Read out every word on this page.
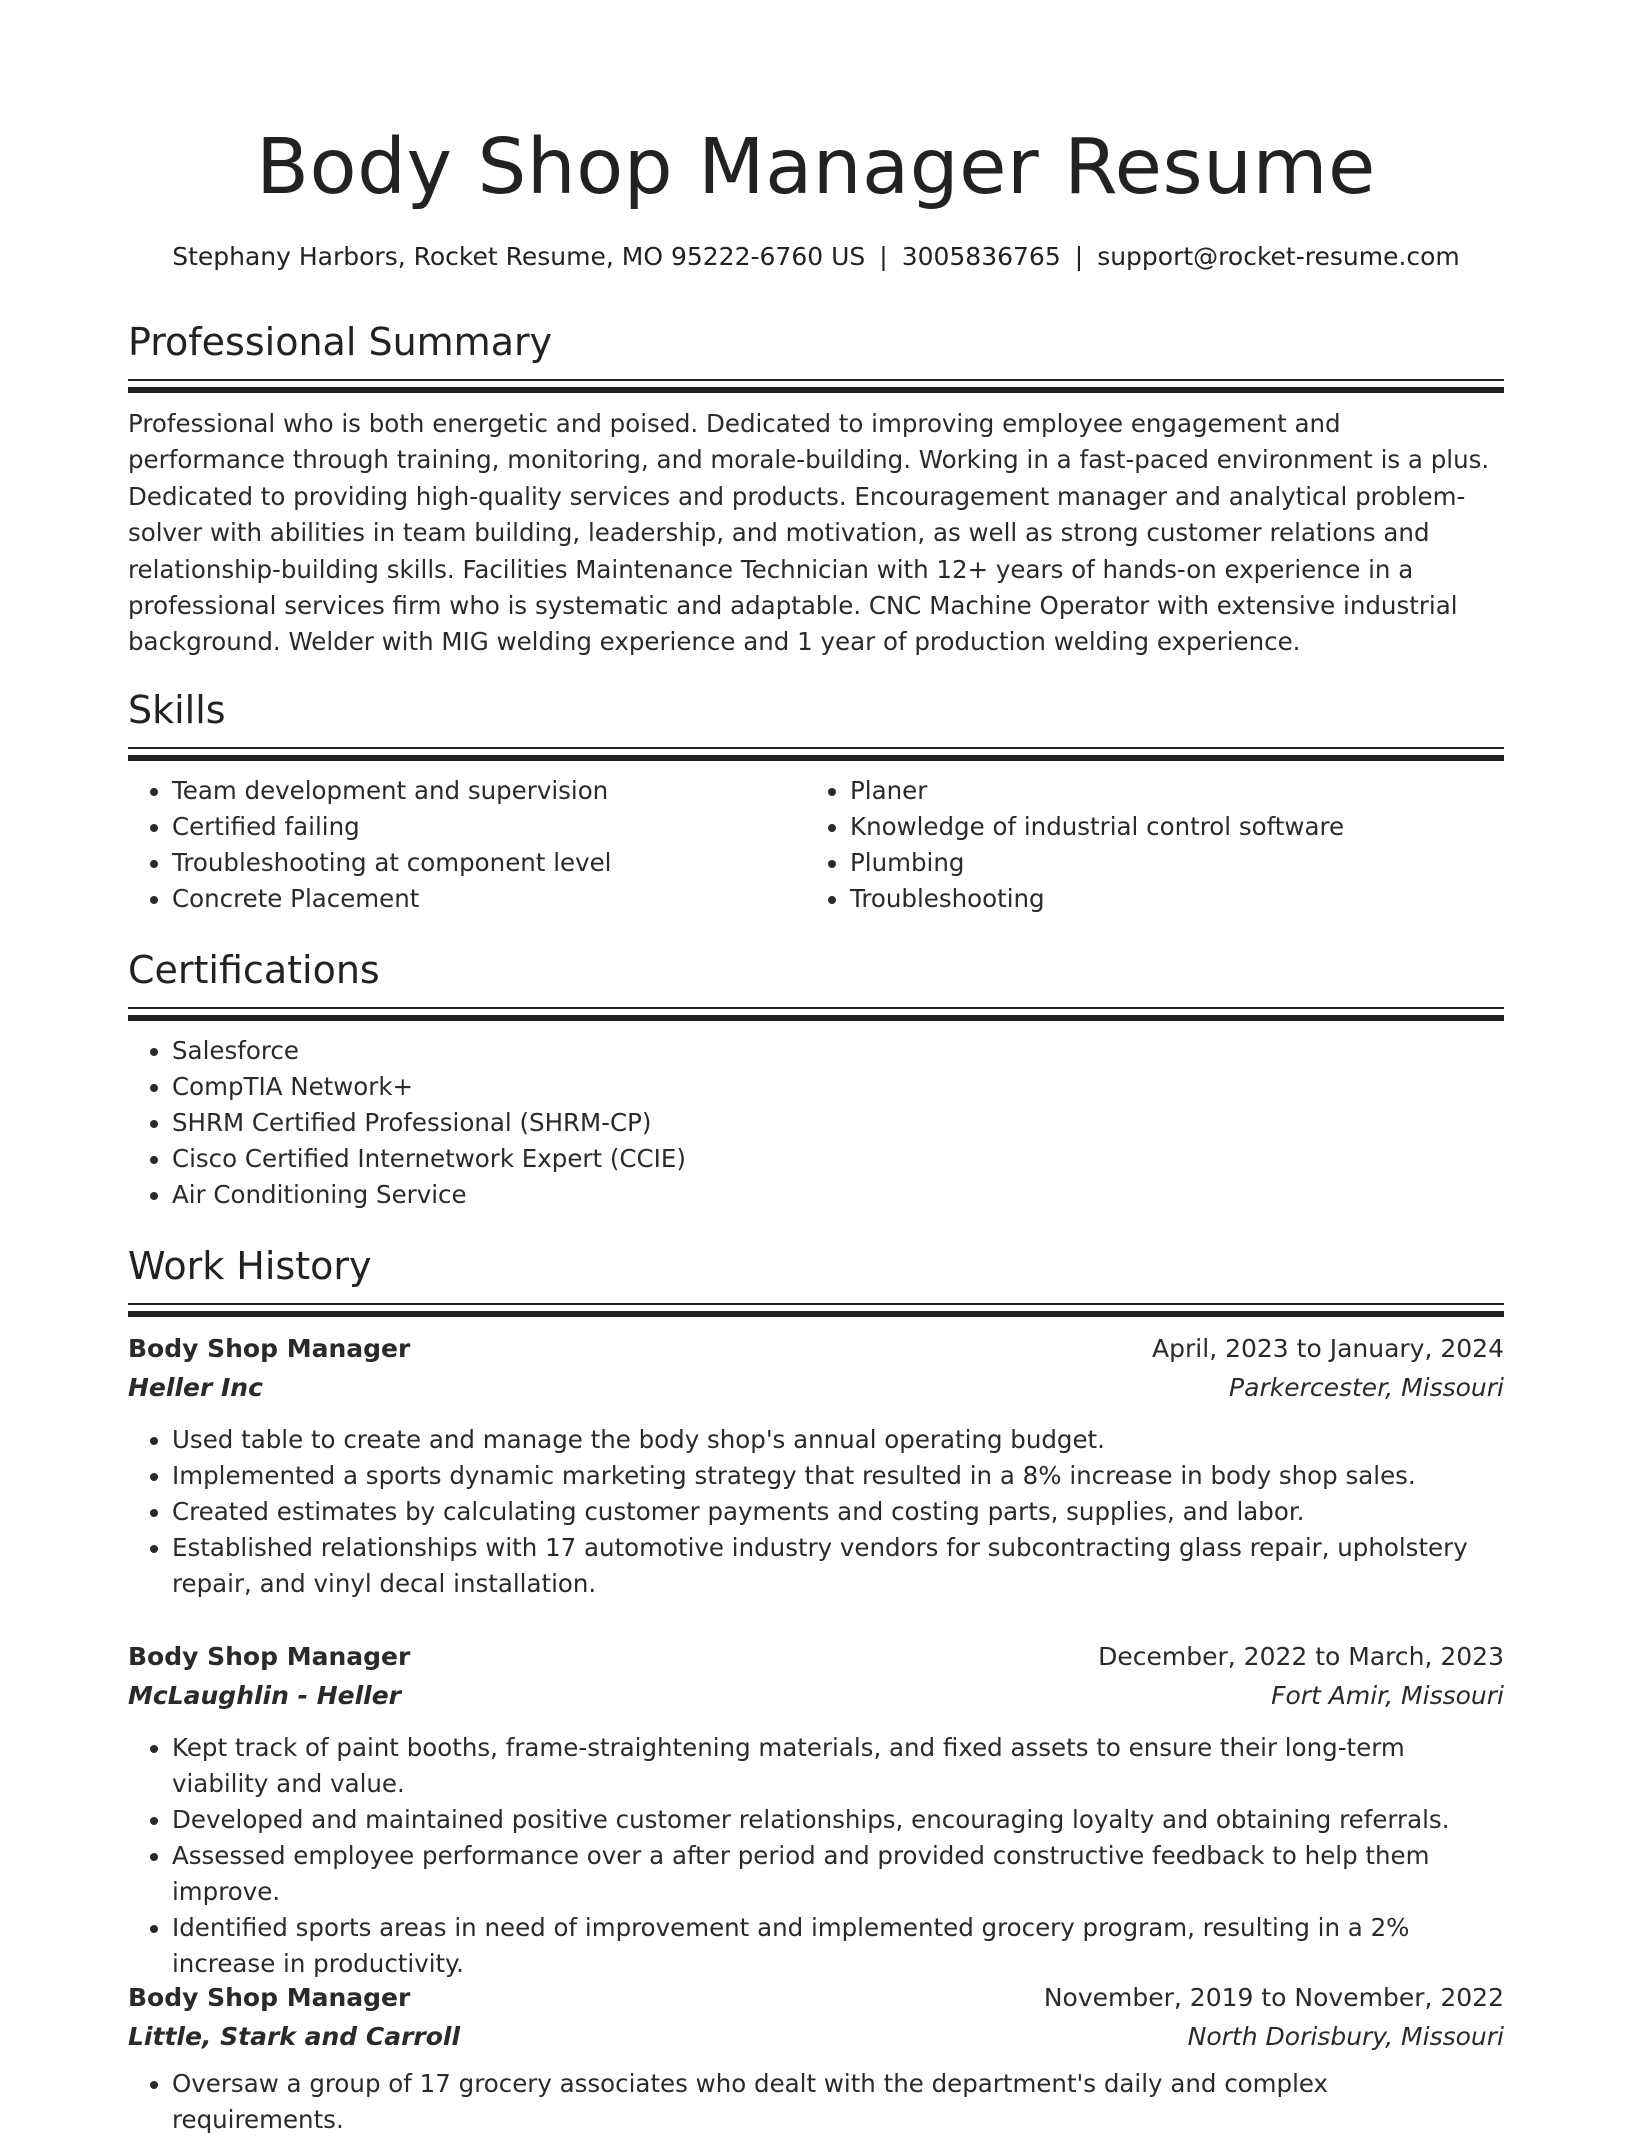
Body Shop Manager Resume
Stephany Harbors, Rocket Resume, MO 95222-6760 US | 3005836765 | support@rocket-resume.com
Professional Summary
Professional who is both energetic and poised. Dedicated to improving employee engagement and performance through training, monitoring, and morale-building. Working in a fast-paced environment is a plus. Dedicated to providing high-quality services and products. Encouragement manager and analytical problem-solver with abilities in team building, leadership, and motivation, as well as strong customer relations and relationship-building skills. Facilities Maintenance Technician with 12+ years of hands-on experience in a professional services firm who is systematic and adaptable. CNC Machine Operator with extensive industrial background. Welder with MIG welding experience and 1 year of production welding experience.
Skills
• Team development and supervision
• Certified failing
• Troubleshooting at component level
• Concrete Placement
• Planer
• Knowledge of industrial control software
• Plumbing
• Troubleshooting
Certifications
• Salesforce
• CompTIA Network+
• SHRM Certified Professional (SHRM-CP)
• Cisco Certified Internetwork Expert (CCIE)
• Air Conditioning Service
Work History
Body Shop Manager	April, 2023 to January, 2024
Heller Inc	Parkercester, Missouri
• Used table to create and manage the body shop's annual operating budget.
• Implemented a sports dynamic marketing strategy that resulted in a 8% increase in body shop sales.
• Created estimates by calculating customer payments and costing parts, supplies, and labor.
• Established relationships with 17 automotive industry vendors for subcontracting glass repair, upholstery repair, and vinyl decal installation.
Body Shop Manager	December, 2022 to March, 2023
McLaughlin - Heller	Fort Amir, Missouri
• Kept track of paint booths, frame-straightening materials, and fixed assets to ensure their long-term viability and value.
• Developed and maintained positive customer relationships, encouraging loyalty and obtaining referrals.
• Assessed employee performance over a after period and provided constructive feedback to help them improve.
• Identified sports areas in need of improvement and implemented grocery program, resulting in a 2% increase in productivity.
Body Shop Manager	November, 2019 to November, 2022
Little, Stark and Carroll	North Dorisbury, Missouri
• Oversaw a group of 17 grocery associates who dealt with the department's daily and complex requirements.
